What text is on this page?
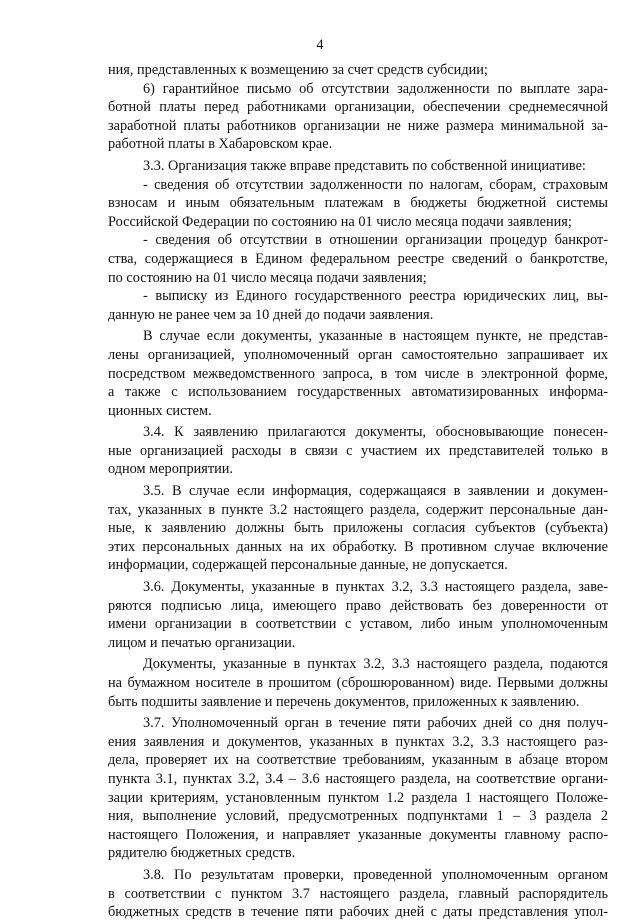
4
ния, представленных к возмещению за счет средств субсидии;
6) гарантийное письмо об отсутствии задолженности по выплате зара-
ботной платы перед работниками организации, обеспечении среднемесячной
заработной платы работников организации не ниже размера минимальной за-
работной платы в Хабаровском крае.
3.3. Организация также вправе представить по собственной инициативе:
- сведения об отсутствии задолженности по налогам, сборам, страховым
взносам и иным обязательным платежам в бюджеты бюджетной системы
Российской Федерации по состоянию на 01 число месяца подачи заявления;
- сведения об отсутствии в отношении организации процедур банкрот-
ства, содержащиеся в Едином федеральном реестре сведений о банкротстве,
по состоянию на 01 число месяца подачи заявления;
- выписку из Единого государственного реестра юридических лиц, вы-
данную не ранее чем за 10 дней до подачи заявления.
В случае если документы, указанные в настоящем пункте, не представ-
лены организацией, уполномоченный орган самостоятельно запрашивает их
посредством межведомственного запроса, в том числе в электронной форме,
а также с использованием государственных автоматизированных информа-
ционных систем.
3.4. К заявлению прилагаются документы, обосновывающие понесен-
ные организацией расходы в связи с участием их представителей только в
одном мероприятии.
3.5. В случае если информация, содержащаяся в заявлении и докумен-
тах, указанных в пункте 3.2 настоящего раздела, содержит персональные дан-
ные, к заявлению должны быть приложены согласия субъектов (субъекта)
этих персональных данных на их обработку. В противном случае включение
информации, содержащей персональные данные, не допускается.
3.6. Документы, указанные в пунктах 3.2, 3.3 настоящего раздела, заве-
ряются подписью лица, имеющего право действовать без доверенности от
имени организации в соответствии с уставом, либо иным уполномоченным
лицом и печатью организации.
Документы, указанные в пунктах 3.2, 3.3 настоящего раздела, подаются
на бумажном носителе в прошитом (сброшюрованном) виде. Первыми должны
быть подшиты заявление и перечень документов, приложенных к заявлению.
3.7. Уполномоченный орган в течение пяти рабочих дней со дня получ-
ения заявления и документов, указанных в пунктах 3.2, 3.3 настоящего раз-
дела, проверяет их на соответствие требованиям, указанным в абзаце втором
пункта 3.1, пунктах 3.2, 3.4 – 3.6 настоящего раздела, на соответствие органи-
зации критериям, установленным пунктом 1.2 раздела 1 настоящего Положе-
ния, выполнение условий, предусмотренных подпунктами 1 – 3 раздела 2
настоящего Положения, и направляет указанные документы главному распо-
рядителю бюджетных средств.
3.8. По результатам проверки, проведенной уполномоченным органом
в соответствии с пунктом 3.7 настоящего раздела, главный распорядитель
бюджетных средств в течение пяти рабочих дней с даты представления упол-
